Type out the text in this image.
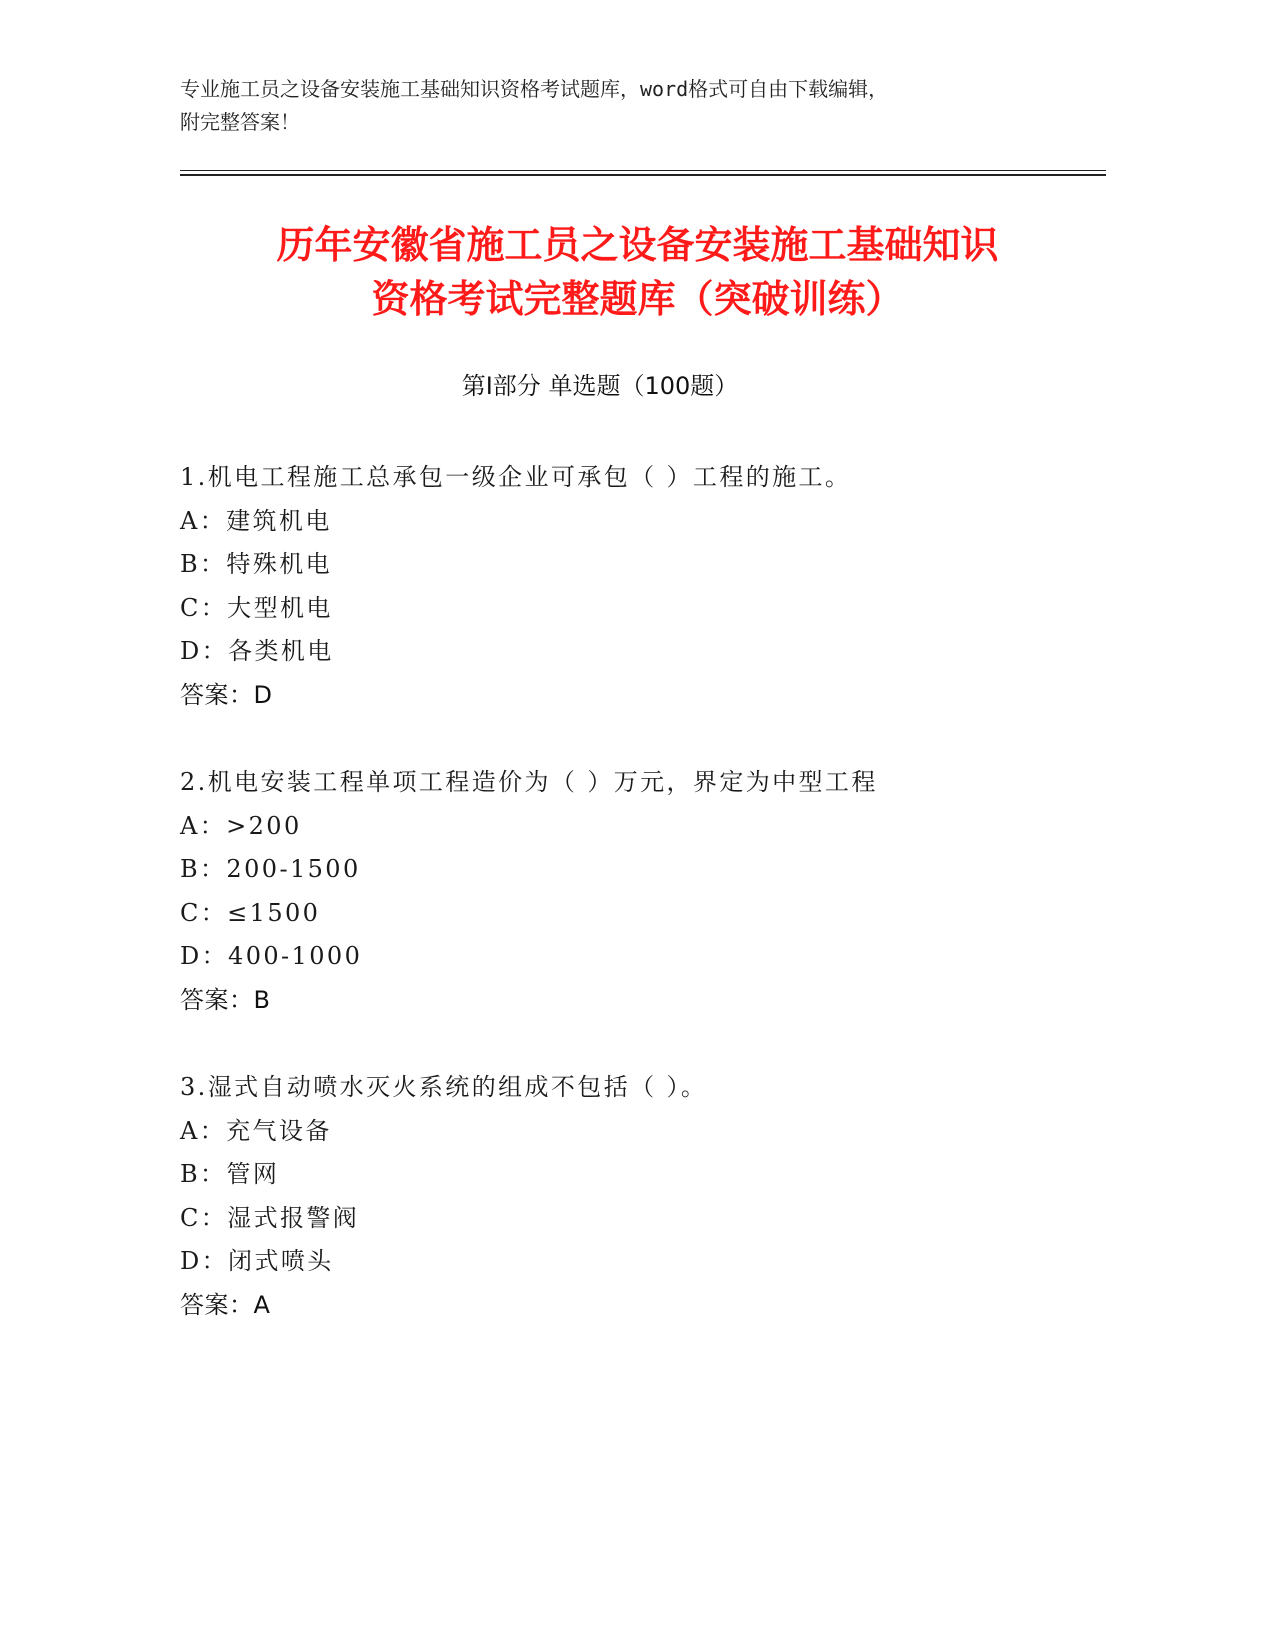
专业施工员之设备安装施工基础知识资格考试题库，word格式可自由下载编辑，
附完整答案！
历年安徽省施工员之设备安装施工基础知识
资格考试完整题库（突破训练）
第Ⅰ部分 单选题（100题）
1.机电工程施工总承包一级企业可承包（ ）工程的施工。
A：建筑机电
B：特殊机电
C：大型机电
D：各类机电
答案：D
2.机电安装工程单项工程造价为（ ）万元，界定为中型工程
A：>200
B：200-1500
C：≤1500
D：400-1000
答案：B
3.湿式自动喷水灭火系统的组成不包括（ ）。
A：充气设备
B：管网
C：湿式报警阀
D：闭式喷头
答案：A
